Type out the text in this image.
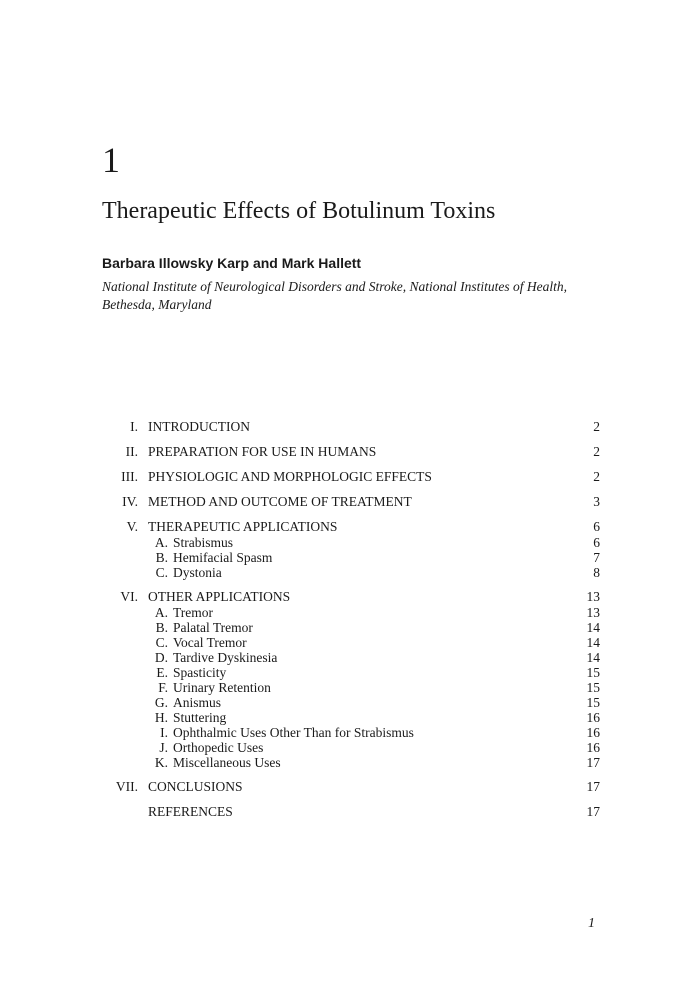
1
Therapeutic Effects of Botulinum Toxins
Barbara Illowsky Karp and Mark Hallett
National Institute of Neurological Disorders and Stroke, National Institutes of Health, Bethesda, Maryland
I. INTRODUCTION	2
II. PREPARATION FOR USE IN HUMANS	2
III. PHYSIOLOGIC AND MORPHOLOGIC EFFECTS	2
IV. METHOD AND OUTCOME OF TREATMENT	3
V. THERAPEUTIC APPLICATIONS	6
A. Strabismus	6
B. Hemifacial Spasm	7
C. Dystonia	8
VI. OTHER APPLICATIONS	13
A. Tremor	13
B. Palatal Tremor	14
C. Vocal Tremor	14
D. Tardive Dyskinesia	14
E. Spasticity	15
F. Urinary Retention	15
G. Anismus	15
H. Stuttering	16
I. Ophthalmic Uses Other Than for Strabismus	16
J. Orthopedic Uses	16
K. Miscellaneous Uses	17
VII. CONCLUSIONS	17
REFERENCES	17
1
